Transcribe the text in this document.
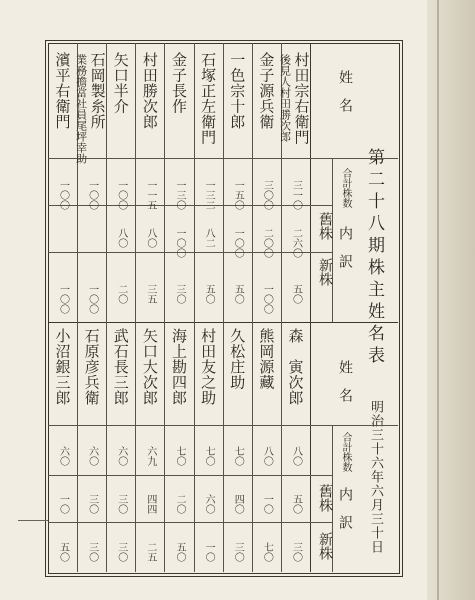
第二十八期株主姓名表
明治三十六年六月三十日
姓　名
合計株数
内　訳
舊株
新株
姓　名
合計株数
内　訳
舊株
新株
村田宗右衛門
後見人村田勝次郎
三一〇
二六〇
五〇
金子源兵衛
三〇〇
二〇〇
一〇〇
一色宗十郎
一五〇
一〇〇
五〇
石塚正左衛門
一三二
八二
五〇
金子長作
一三〇
一〇〇
三〇
村田勝次郎
一一五
八〇
三五
矢口半介
一〇〇
八〇
二〇
石岡製糸所
業務擔當社員尾坪幸助
一〇〇
一〇〇
濱平右衛門
一〇〇
一〇〇
森　寅次郎
八〇
五〇
三〇
熊岡源藏
八〇
一〇
七〇
久松庄助
七〇
四〇
三〇
村田友之助
七〇
六〇
一〇
海上勘四郎
七〇
二〇
五〇
矢口大次郎
六九
四四
二五
武石長三郎
六〇
三〇
三〇
石原彦兵衛
六〇
三〇
三〇
小沼銀三郎
六〇
一〇
五〇
